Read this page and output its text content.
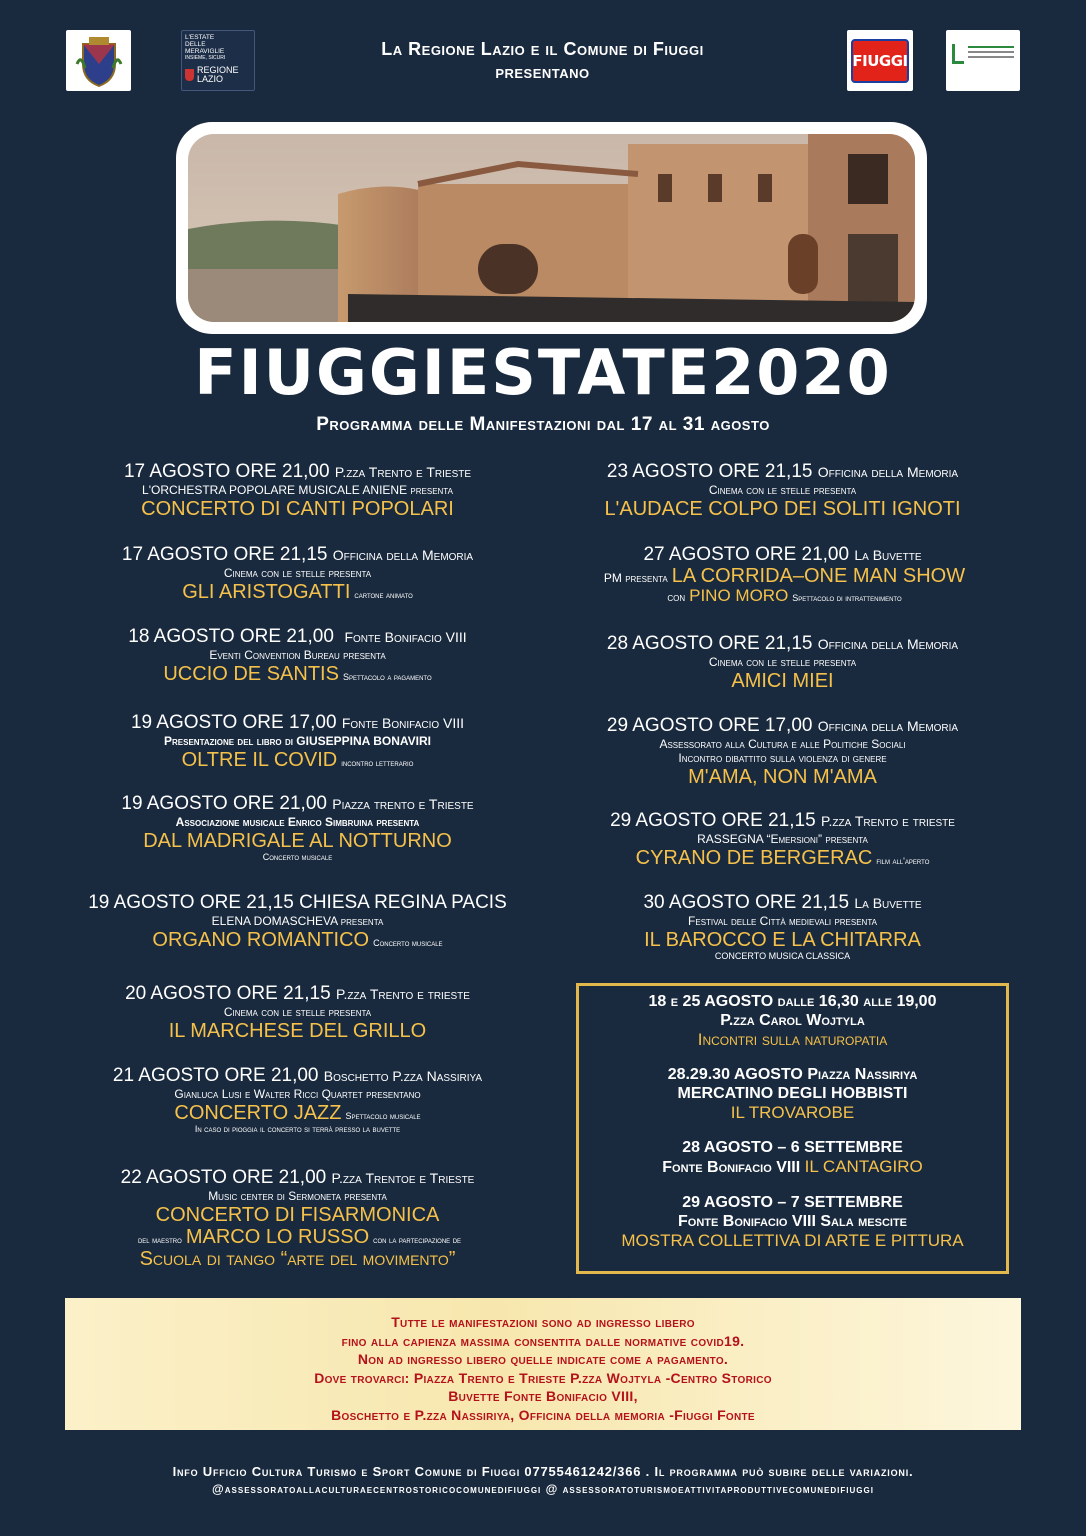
L'ESTATE
DELLE
MERAVIGLIE
INSIEME, SICURI
REGIONE
LAZIO
FIUGGI
La Regione Lazio e il Comune di Fiuggi
presentano
FIUGGIESTATE2020
Programma delle Manifestazioni dal 17 al 31 agosto
17 AGOSTO ORE 21,00 P.zza Trento e Trieste
L'ORCHESTRA POPOLARE MUSICALE ANIENE presenta
CONCERTO DI CANTI POPOLARI
17 AGOSTO ORE 21,15 Officina della Memoria
Cinema con le stelle presenta
GLI ARISTOGATTI cartone animato
18 AGOSTO ORE 21,00 Fonte Bonifacio VIII
Eventi Convention Bureau presenta
UCCIO DE SANTIS Spettacolo a pagamento
19 AGOSTO ORE 17,00 Fonte Bonifacio VIII
Presentazione del libro di GIUSEPPINA BONAVIRI
OLTRE IL COVID incontro letterario
19 AGOSTO ORE 21,00 Piazza trento e Trieste
Associazione musicale Enrico Simbruina presenta
DAL MADRIGALE AL NOTTURNO
Concerto musicale
19 AGOSTO ORE 21,15 CHIESA REGINA PACIS
ELENA DOMASCHEVA presenta
ORGANO ROMANTICO Concerto musicale
20 AGOSTO ORE 21,15 P.zza Trento e trieste
Cinema con le stelle presenta
IL MARCHESE DEL GRILLO
21 AGOSTO ORE 21,00 Boschetto P.zza Nassiriya
Gianluca Lusi e Walter Ricci Quartet presentano
CONCERTO JAZZ Spettacolo musicale
In caso di pioggia il concerto si terrà presso la buvette
22 AGOSTO ORE 21,00 P.zza Trentoe e Trieste
Music center di Sermoneta presenta
CONCERTO DI FISARMONICA
del maestro MARCO LO RUSSO con la partecipazione de
Scuola di tango “arte del movimento”
23 AGOSTO ORE 21,15 Officina della Memoria
Cinema con le stelle presenta
L'AUDACE COLPO DEI SOLITI IGNOTI
27 AGOSTO ORE 21,00 La Buvette
PM presenta LA CORRIDA–ONE MAN SHOW
con PINO MORO Spettacolo di intrattenimento
28 AGOSTO ORE 21,15 Officina della Memoria
Cinema con le stelle presenta
AMICI MIEI
29 AGOSTO ORE 17,00 Officina della Memoria
Assessorato alla Cultura e alle Politiche Sociali
Incontro dibattito sulla violenza di genere
M'AMA, NON M'AMA
29 AGOSTO ORE 21,15 P.zza Trento e trieste
RASSEGNA “Emersioni” presenta
CYRANO DE BERGERAC film all'aperto
30 AGOSTO ORE 21,15 La Buvette
Festival delle Città medievali presenta
IL BAROCCO E LA CHITARRA
CONCERTO MUSICA CLASSICA
18 e 25 AGOSTO dalle 16,30 alle 19,00
P.zza Carol Wojtyla
Incontri sulla naturopatia
28.29.30 AGOSTO Piazza Nassiriya
MERCATINO DEGLI HOBBISTI
IL TROVAROBE
28 AGOSTO – 6 SETTEMBRE
Fonte Bonifacio VIII IL CANTAGIRO
29 AGOSTO – 7 SETTEMBRE
Fonte Bonifacio VIII Sala mescite
MOSTRA COLLETTIVA DI ARTE E PITTURA

Tutte le manifestazioni sono ad ingresso libero

fino alla capienza massima consentita dalle normative covid19.

Non ad ingresso libero quelle indicate come a pagamento.

Dove trovarci: Piazza Trento e Trieste P.zza Wojtyla -Centro Storico

Buvette Fonte Bonifacio VIII,

Boschetto e P.zza Nassiriya, Officina della memoria -Fiuggi Fonte

Info Ufficio Cultura Turismo e Sport Comune di Fiuggi 07755461242/366 . Il programma può subire delle variazioni.
@assessoratoallaculturaecentrostoricocomunedifiuggi @ assessoratoturismoeattivitaproduttivecomunedifiuggi
